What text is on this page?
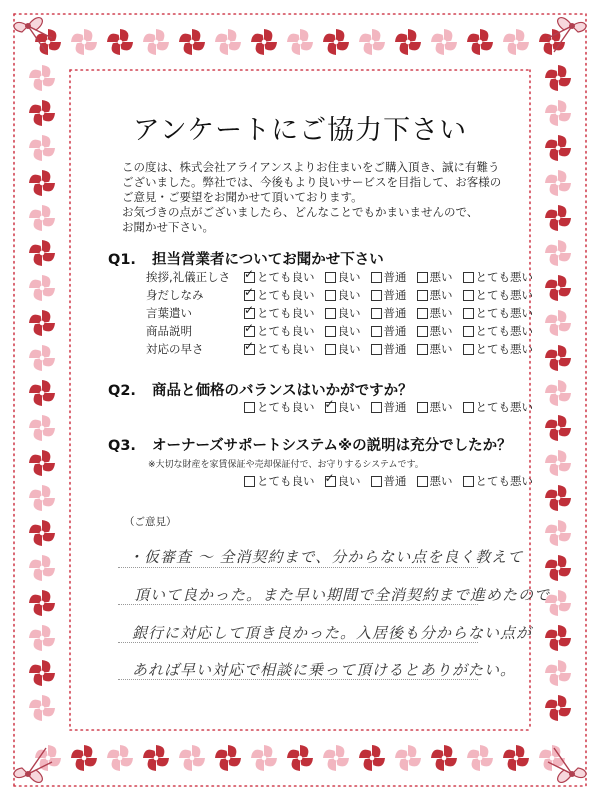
アンケートにご協力下さい
この度は、株式会社アライアンスよりお住まいをご購入頂き、誠に有難う
ございました。弊社では、今後もより良いサービスを目指して、お客様の
ご意見・ご要望をお聞かせて頂いております。
お気づきの点がございましたら、どんなことでもかまいませんので、
お聞かせ下さい。
Q1. 担当営業者についてお聞かせ下さい
挨拶,礼儀正しさ ✓	とても良い 良い 普通 悪い とても悪い
身だしなみ ✓	とても良い 良い 普通 悪い とても悪い
言葉遣い ✓	とても良い 良い 普通 悪い とても悪い
商品説明 ✓	とても良い 良い 普通 悪い とても悪い
対応の早さ ✓	とても良い 良い 普通 悪い とても悪い
Q2. 商品と価格のバランスはいかがですか？
とても良い ✓ 良い 普通 悪い とても悪い
Q3. オーナーズサポートシステム※の説明は充分でしたか？
※大切な財産を家賃保証や売却保証付で、お守りするシステムです。
とても良い ✓ 良い 普通 悪い とても悪い
（ご意見）
・仮審査 ～ 全消契約まで、分からない点を良く教えて
頂いて良かった。また早い期間で全消契約まで進めたので
銀行に対応して頂き良かった。入居後も分からない点が
あれば早い対応で相談に乗って頂けるとありがたい。
